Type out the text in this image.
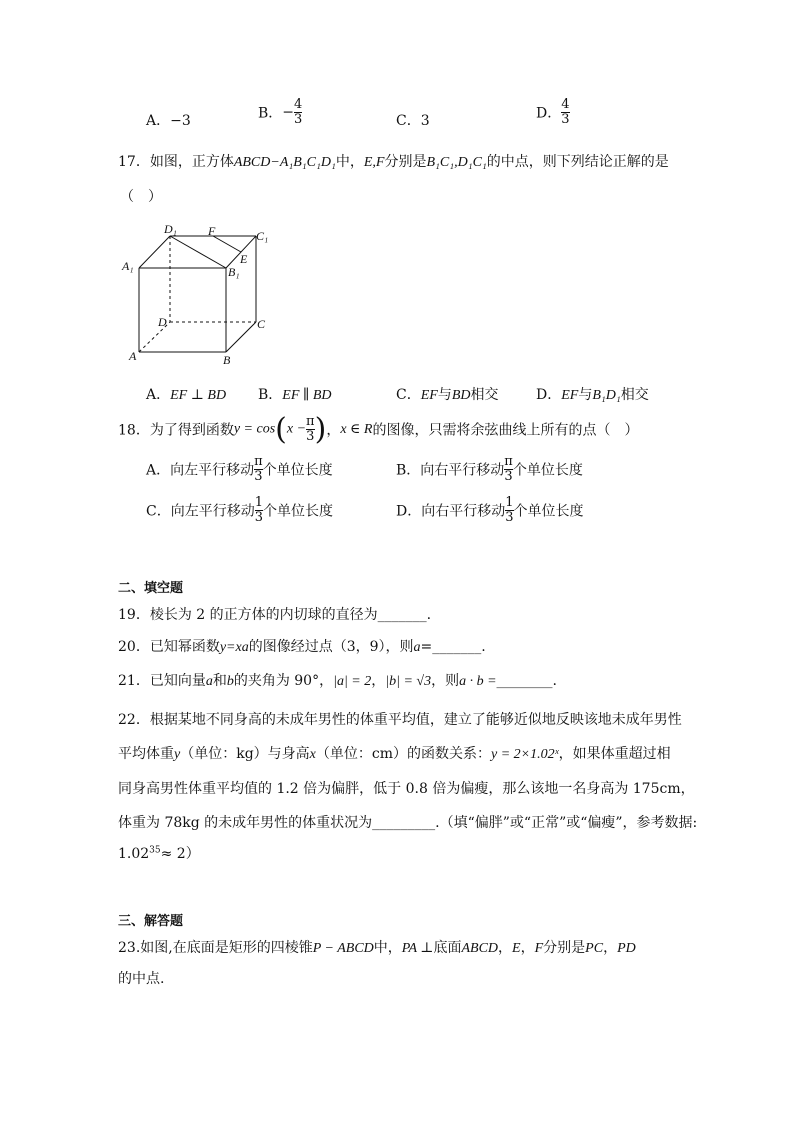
A．−3	B．− $\frac{4}{3}$	C．3	D． $\frac{4}{3}$
17．如图，正方体ABCD−A₁B₁C₁D₁中，E,F分别是B₁C₁,D₁C₁的中点，则下列结论正解的是
（　）
D₁	F	C₁
A₁	E
B₁
D	C
A	B
A．EF ⊥ BD B．EF ∥ BD	C．EF与BD相交	D．EF与B₁D₁相交
18．为了得到函数$y = \cos(x - \frac{\pi}{3}$ )，x ∈ R的图像，只需将余弦曲线上所有的点（　）
A．向左平行移动 $\frac{\pi}{3}$ 个单位长度	B．向右平行移动 $\frac{\pi}{3}$ 个单位长度
C．向左平行移动 $\frac{1}{3}$ 个单位长度	D．向右平行移动 $\frac{1}{3}$ 个单位长度
二、填空题
19．棱长为 2 的正方体的内切球的直径为_______.
20．已知幂函数y=xa的图像经过点（3，9），则a=_______.
21．已知向量a和b的夹角为 90°，|a| = 2，|b| = √3，则a · b =________.
22．根据某地不同身高的未成年男性的体重平均值，建立了能够近似地反映该地未成年男性
平均体重y（单位：kg）与身高x（单位：cm）的函数关系：y = 2×1.02ˣ，如果体重超过相
同身高男性体重平均值的 1.2 倍为偏胖，低于 0.8 倍为偏瘦，那么该地一名身高为 175cm，
体重为 78kg 的未成年男性的体重状况为_________.（填“偏胖”或“正常”或“偏瘦”，参考数据:
$1.02^{35}\approx 2$）
三、解答题
23.如图,在底面是矩形的四棱锥P − ABCD中，PA ⊥底面ABCD，E，F分别是PC，PD
的中点.
